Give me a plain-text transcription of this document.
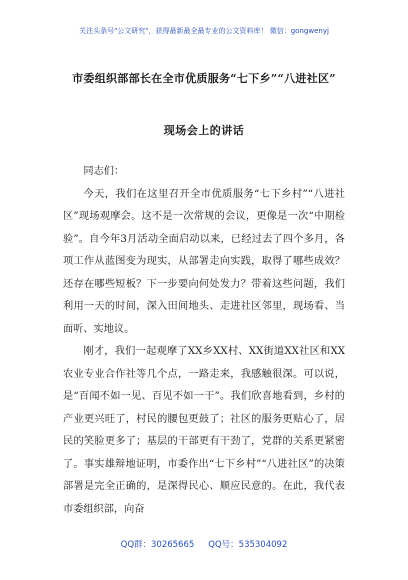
关注头条号"公文研究"，获得最新最全最专业的公文资料库！ 微信：gongwenyj
市委组织部部长在全市优质服务“七下乡”“八进社区”
现场会上的讲话

同志们：

今天，我们在这里召开全市优质服务“七下乡村”“八进社区”现场观摩会。这不是一次常规的会议，更像是一次“中期检验”。自今年3月活动全面启动以来，已经过去了四个多月，各项工作从蓝图变为现实，从部署走向实践，取得了哪些成效？还存在哪些短板？下一步要向何处发力？带着这些问题，我们利用一天的时间，深入田间地头、走进社区邻里，现场看、当面听、实地议。

刚才，我们一起观摩了XX乡XX村、XX街道XX社区和XX农业专业合作社等几个点，一路走来，我感触很深。可以说，是“百闻不如一见、百见不如一干”。我们欣喜地看到，乡村的产业更兴旺了，村民的腰包更鼓了；社区的服务更贴心了，居民的笑脸更多了；基层的干部更有干劲了，党群的关系更紧密了。事实雄辩地证明，市委作出“七下乡村”“八进社区”的决策部署是完全正确的，是深得民心、顺应民意的。在此，我代表市委组织部，向奋

QQ群：30265665 QQ号：535304092
